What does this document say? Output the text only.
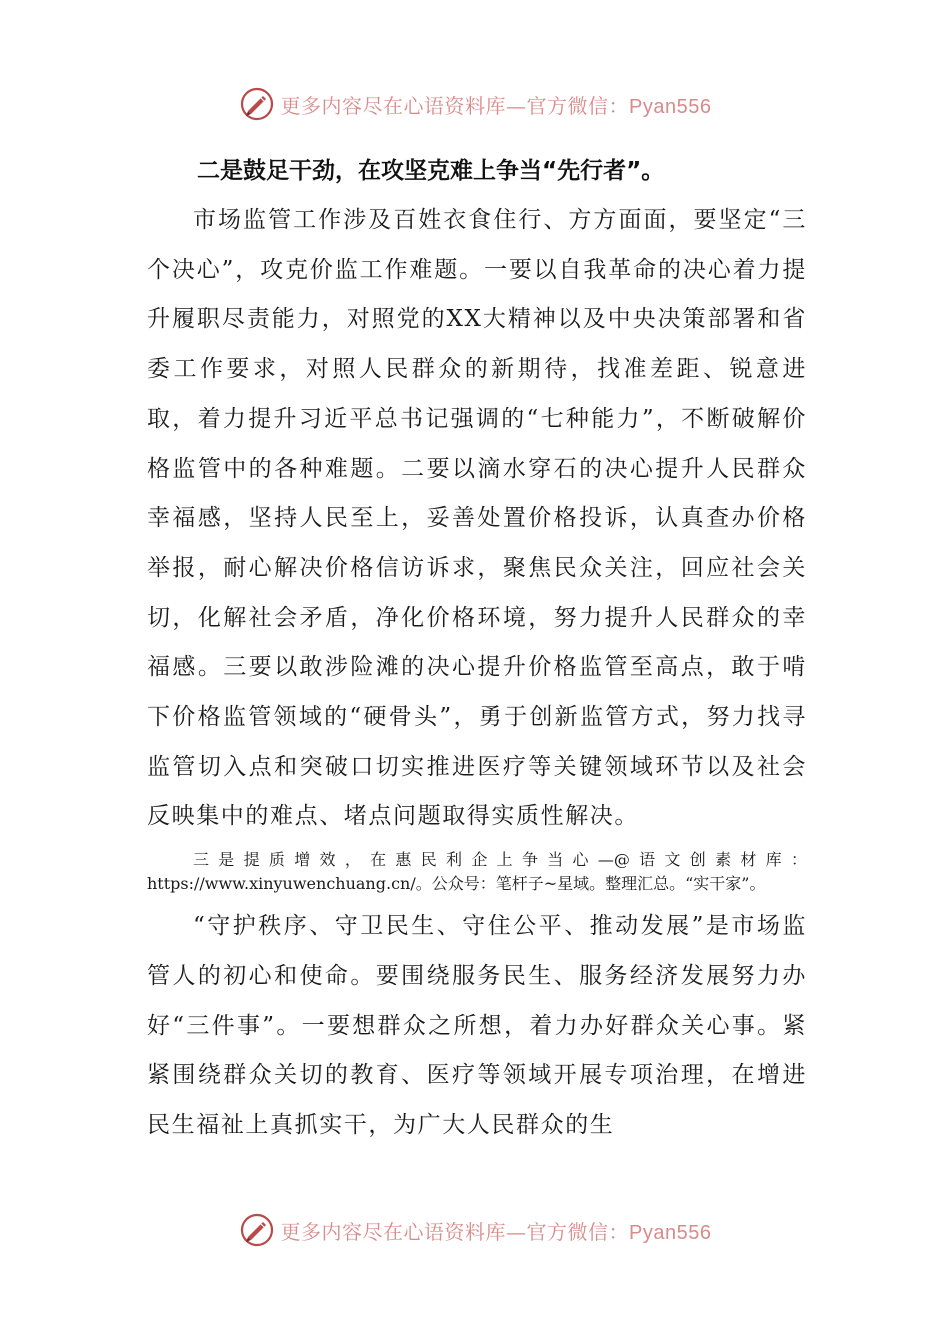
更多内容尽在心语资料库—官方微信：Pyan556
二是鼓足干劲，在攻坚克难上争当“先行者”。

市场监管工作涉及百姓衣食住行、方方面面，要坚定“三个决心”，攻克价监工作难题。一要以自我革命的决心着力提升履职尽责能力，对照党的XX大精神以及中央决策部署和省委工作要求，对照人民群众的新期待，找准差距、锐意进取，着力提升习近平总书记强调的“七种能力”，不断破解价格监管中的各种难题。二要以滴水穿石的决心提升人民群众幸福感，坚持人民至上，妥善处置价格投诉，认真查办价格举报，耐心解决价格信访诉求，聚焦民众关注，回应社会关切，化解社会矛盾，净化价格环境，努力提升人民群众的幸福感。三要以敢涉险滩的决心提升价格监管至高点，敢于啃下价格监管领域的“硬骨头”，勇于创新监管方式，努力找寻监管切入点和突破口切实推进医疗等关键领域环节以及社会反映集中的难点、堵点问题取得实质性解决。

三是提质增效，在惠民利企上争当心—@语文创素材库：https://www.xinyuwenchuang.cn/。公众号：笔杆子~星域。整理汇总。“实干家”。

“守护秩序、守卫民生、守住公平、推动发展”是市场监管人的初心和使命。要围绕服务民生、服务经济发展努力办好“三件事”。一要想群众之所想，着力办好群众关心事。紧紧围绕群众关切的教育、医疗等领域开展专项治理，在增进民生福祉上真抓实干，为广大人民群众的生

更多内容尽在心语资料库—官方微信：Pyan556
